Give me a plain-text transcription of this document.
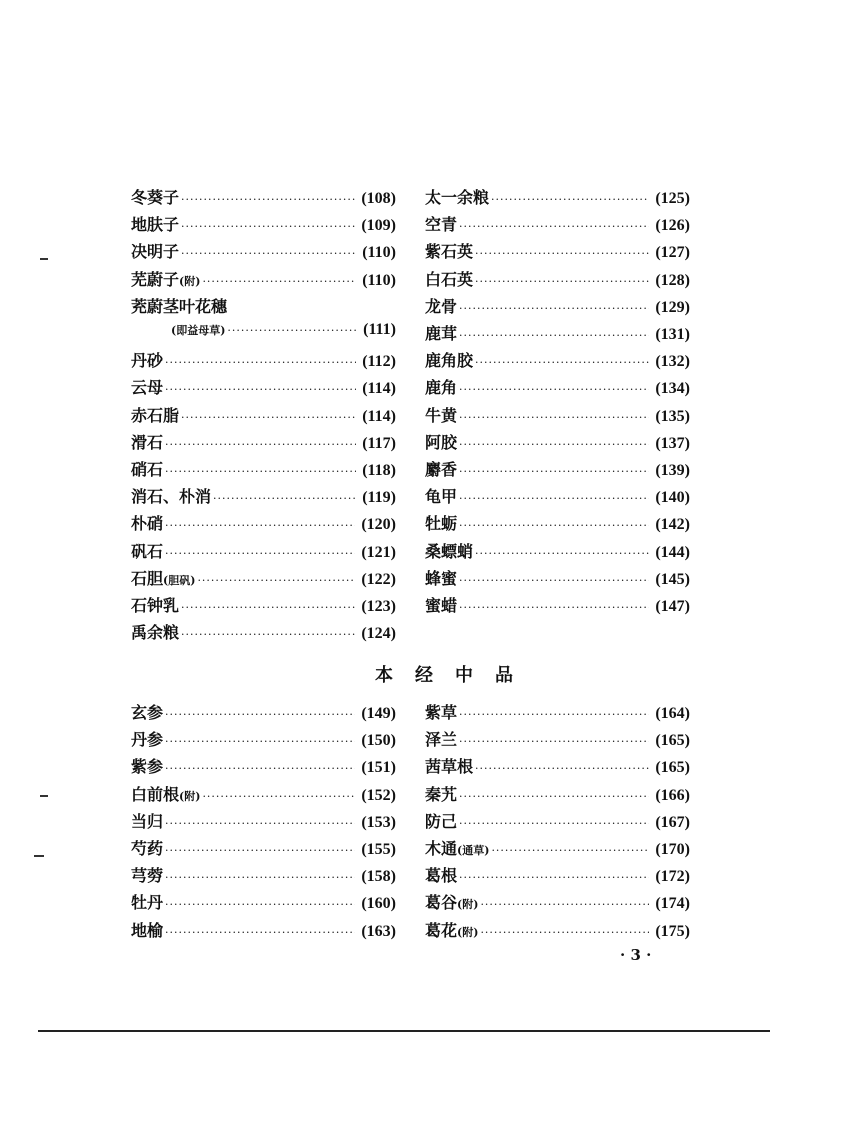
冬葵子 ·····	(108)
地肤子 ·····	(109)
决明子 ·····	(110)
芜蔚子 (附) ·····	(110)
茺蔚茎叶花穗
(即益母草) ·····	(111)
丹砂 ·····	(112)
云母 ·····	(114)
赤石脂 ·····	(114)
滑石 ·····	(117)
硝石 ·····	(118)
消石、朴消 ·····	(119)
朴硝 ·····	(120)
矾石 ·····	(121)
石胆 (胆矾) ·····	(122)
石钟乳 ·····	(123)
禹余粮 ·····	(124)
太一余粮 ·····	(125)
空青 ·····	(126)
紫石英 ·····	(127)
白石英 ·····	(128)
龙骨 ·····	(129)
鹿茸 ·····	(131)
鹿角胶 ·····	(132)
鹿角 ·····	(134)
牛黄 ·····	(135)
阿胶 ·····	(137)
麝香 ·····	(139)
龟甲 ·····	(140)
牡蛎 ·····	(142)
桑螵蛸 ·····	(144)
蜂蜜 ·····	(145)
蜜蜡 ·····	(147)
本经中品
玄参 ·····	(149)
丹参 ·····	(150)
紫参 ·····	(151)
白前根 (附) ·····	(152)
当归 ·····	(153)
芍药 ·····	(155)
芎䓖 ·····	(158)
牡丹 ·····	(160)
地榆 ·····	(163)
紫草 ·····	(164)
泽兰 ·····	(165)
茜草根 ·····	(165)
秦艽 ·····	(166)
防己 ·····	(167)
木通 (通草) ·····	(170)
葛根 ·····	(172)
葛谷 (附) ·····	(174)
葛花 (附) ·····	(175)
· 3 ·
